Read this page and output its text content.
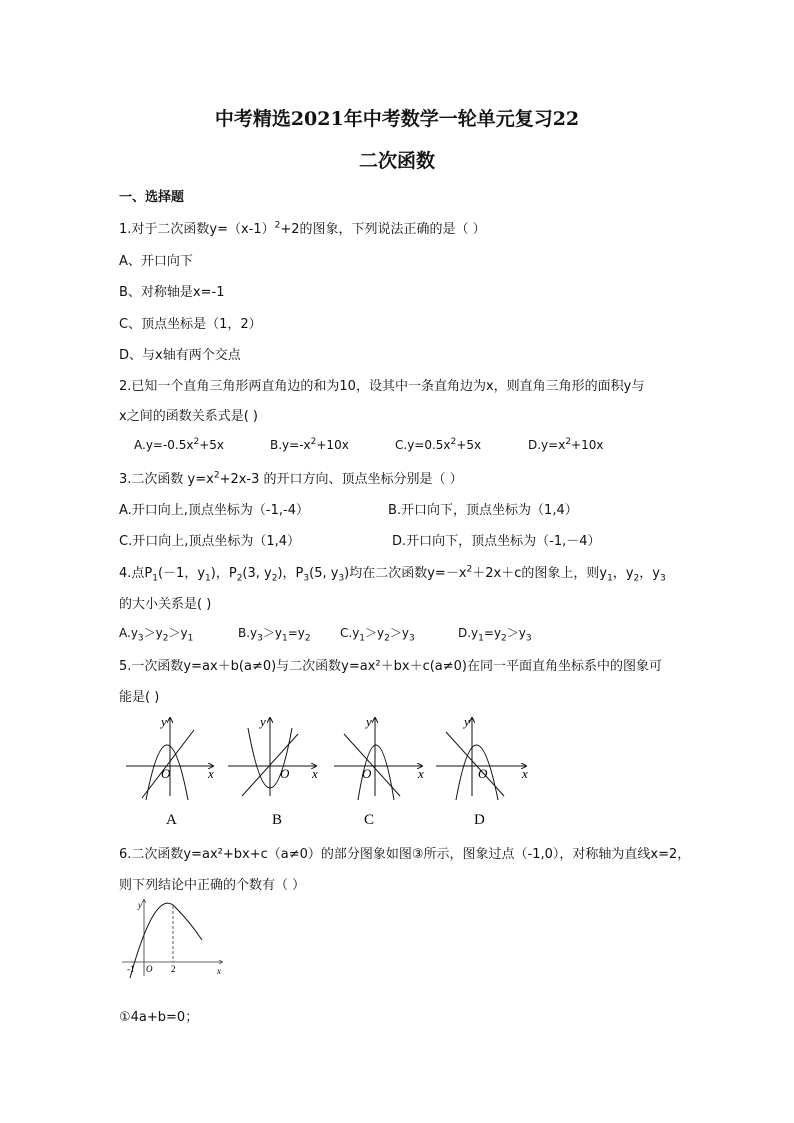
中考精选2021年中考数学一轮单元复习22
二次函数
一、选择题
1.对于二次函数$y=(x-1)^2+2$的图象，下列说法正确的是（ ）
A、开口向下
B、对称轴是x=-1
C、顶点坐标是（1，2）
D、与x轴有两个交点
2.已知一个直角三角形两直角边的和为10，设其中一条直角边为x，则直角三角形的面积y与
x之间的函数关系式是( )
$A.y=-0.5x^2+5x$	$B.y=-x^2+10x$	$C.y=0.5x^2+5x$	$D.y=x^2+10x$
3.二次函数 $y=x^2+2x-3$ 的开口方向、顶点坐标分别是（ ）
A.开口向上,顶点坐标为（-1,-4）	B.开口向下，顶点坐标为（1,4）
C.开口向上,顶点坐标为（1,4）	D.开口向下，顶点坐标为（-1,－4）
4.点$P_1(-1$，$y_1$)，$P_2(3$, $y_2$)，$P_3(5$, $y_3$)均在二次函数$y=-x^2+2x+c$的图象上，则$y_1$，$y_2$，$y_3$
的大小关系是( )
$A.y_3>y_2>y_1$	$B.y_3>y_1=y_2$ $C.y_1>y_2>y_3$	$D.y_1=y_2>y_3$
5.一次函数y=ax＋b(a≠0)与二次函数y=ax²＋bx＋c(a≠0)在同一平面直角坐标系中的图象可
能是( )
y
x
O
A
y
x
O
B
y
x
O
C
y
x
O
D
6.二次函数y=ax²+bx+c（a≠0）的部分图象如图③所示，图象过点（-1,0），对称轴为直线x=2，
则下列结论中正确的个数有（ ）
y
x
O
-1	2
①4a+b=0；
